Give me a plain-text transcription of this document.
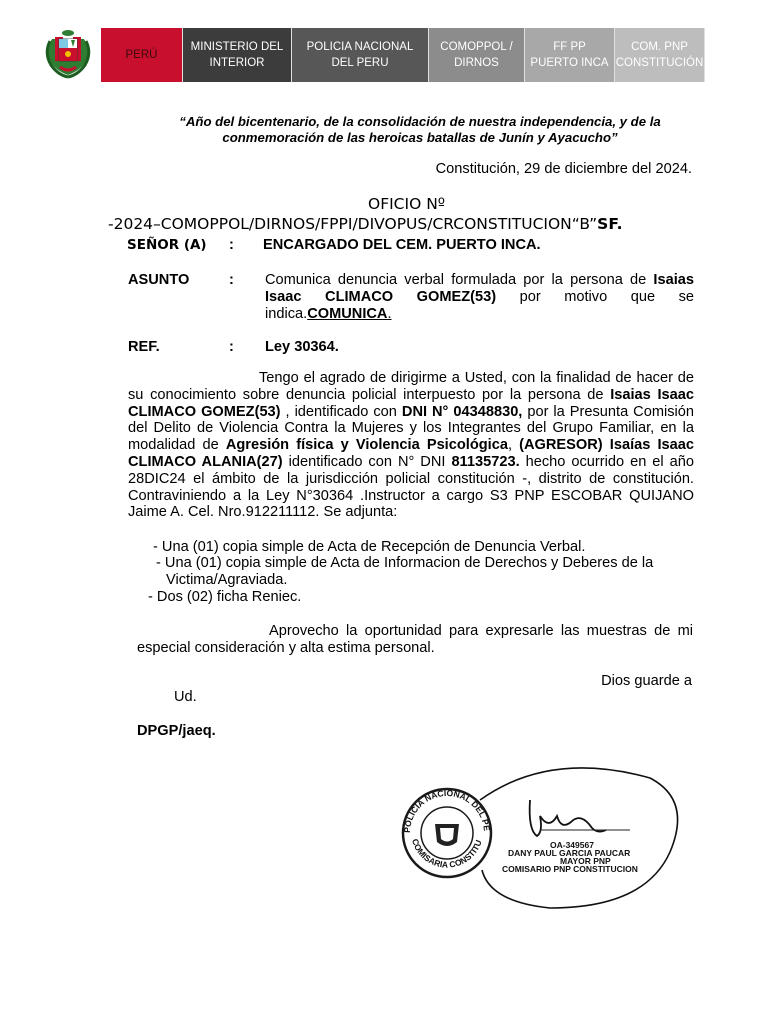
PERÚ
MINISTERIO DEL INTERIOR
POLICIA NACIONAL DEL PERU
COMOPPOL / DIRNOS
FF PP PUERTO INCA
COM. PNP CONSTITUCIÓN
“Año del bicentenario, de la consolidación de nuestra independencia, y de la
conmemoración de las heroicas batallas de Junín y Ayacucho”
Constitución, 29 de diciembre del 2024.
OFICIO Nº
-2024–COMOPPOL/DIRNOS/FPPI/DIVOPUS/CRCONSTITUCION“B”SF.
SEÑOR (A) : ENCARGADO DEL CEM. PUERTO INCA.
ASUNTO	: Comunica denuncia verbal formulada por la persona de Isaias Isaac CLIMACO GOMEZ(53) por motivo que se indica.COMUNICA.
REF.	: Ley 30364.
Tengo el agrado de dirigirme a Usted, con la finalidad de hacer de su conocimiento sobre denuncia policial interpuesto por la persona de Isaias Isaac CLIMACO GOMEZ(53) , identificado con DNI N° 04348830, por la Presunta Comisión del Delito de Violencia Contra la Mujeres y los Integrantes del Grupo Familiar, en la modalidad de Agresión física y Violencia Psicológica, (AGRESOR) Isaías Isaac CLIMACO ALANIA(27) identificado con N° DNI 81135723. hecho ocurrido en el año 28DIC24 el ámbito de la jurisdicción policial constitución -, distrito de constitución. Contraviniendo a la Ley N°30364 .Instructor a cargo S3 PNP ESCOBAR QUIJANO Jaime A. Cel. Nro.912211112. Se adjunta:
- Una (01) copia simple de Acta de Recepción de Denuncia Verbal.
- Una (01) copia simple de Acta de Informacion de Derechos y Deberes de la
Victima/Agraviada.
- Dos (02) ficha Reniec.
Aprovecho la oportunidad para expresarle las muestras de mi especial consideración y alta estima personal.
Dios guarde a
Ud.
DPGP/jaeq.
POLICIA NACIONAL DEL PE
COMISARIA CONSTITU	OA-349567
DANY PAUL GARCIA PAUCAR
MAYOR PNP
COMISARIO PNP CONSTITUCION
